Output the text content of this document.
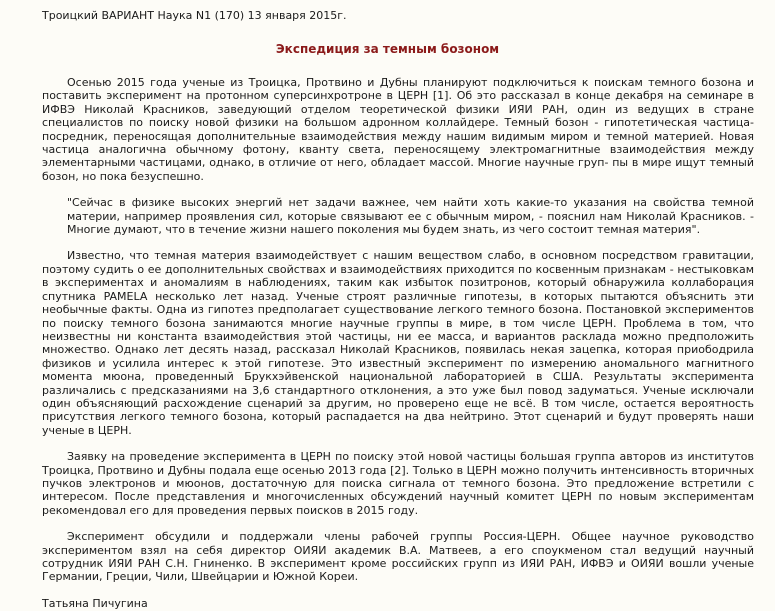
Троицкий ВАРИАНТ Наука N1 (170) 13 января 2015г.
Экспедиция за темным бозоном

Осенью 2015 года ученые из Троицка, Протвино и Дубны планируют подключиться к поискам темного бозона и поставить эксперимент на протонном суперсинхротроне в ЦЕРН [1]. Об это рассказал в конце декабря на семинаре в ИФВЭ Николай Красников, заведующий отделом теоретической физики ИЯИ РАН, один из ведущих в стране специалистов по поиску новой физики на большом адронном коллайдере. Темный бозон - гипотетическая частица-посредник, переносящая дополнительные взаимодействия между нашим видимым миром и темной материей. Новая частица аналогична обычному фотону, кванту света, переносящему электромагнитные взаимодействия между элементарными частицами, однако, в отличие от него, обладает массой. Многие научные груп- пы в мире ищут темный бозон, но пока безуспешно.

"Сейчас в физике высоких энергий нет задачи важнее, чем найти хоть какие-то указания на свойства темной материи, например проявления сил, которые связывают ее с обычным миром, - пояснил нам Николай Красников. - Многие думают, что в течение жизни нашего поколения мы будем знать, из чего состоит темная материя".

Известно, что темная материя взаимодействует с нашим веществом слабо, в основном посредством гравитации, поэтому судить о ее дополнительных свойствах и взаимодействиях приходится по косвенным признакам - нестыковкам в экспериментах и аномалиям в наблюдениях, таким как избыток позитронов, который обнаружила коллаборация спутника PAMELA несколько лет назад. Ученые строят различные гипотезы, в которых пытаются объяснить эти необычные факты. Одна из гипотез предполагает существование легкого темного бозона. Постановкой экспериментов по поиску темного бозона занимаются многие научные группы в мире, в том числе ЦЕРН. Проблема в том, что неизвестны ни константа взаимодействия этой частицы, ни ее масса, и вариантов расклада можно предположить множество. Однако лет десять назад, рассказал Николай Красников, появилась некая зацепка, которая приободрила физиков и усилила интерес к этой гипотезе. Это известный эксперимент по измерению аномального магнитного момента мюона, проведенный Брукхэйвенской национальной лабораторией в США. Результаты эксперимента различались с предсказаниями на 3,6 стандартного отклонения, а это уже был повод задуматься. Ученые исключали один объясняющий расхождение сценарий за другим, но проверено еще не всё. В том числе, остается вероятность присутствия легкого темного бозона, который распадается на два нейтрино. Этот сценарий и будут проверять наши ученые в ЦЕРН.

Заявку на проведение эксперимента в ЦЕРН по поиску этой новой частицы большая группа авторов из институтов Троицка, Протвино и Дубны подала еще осенью 2013 года [2]. Только в ЦЕРН можно получить интенсивность вторичных пучков электронов и мюонов, достаточную для поиска сигнала от темного бозона. Это предложение встретили с интересом. После представления и многочисленных обсуждений научный комитет ЦЕРН по новым экспериментам рекомендовал его для проведения первых поисков в 2015 году.

Эксперимент обсудили и поддержали члены рабочей группы Россия-ЦЕРН. Общее научное руководство экспериментом взял на себя директор ОИЯИ академик В.А. Матвеев, а его споукменом стал ведущий научный сотрудник ИЯИ РАН С.Н. Гниненко. В эксперимент кроме российских групп из ИЯИ РАН, ИФВЭ и ОИЯИ вошли ученые Германии, Греции, Чили, Швейцарии и Южной Кореи.

Татьяна Пичугина
